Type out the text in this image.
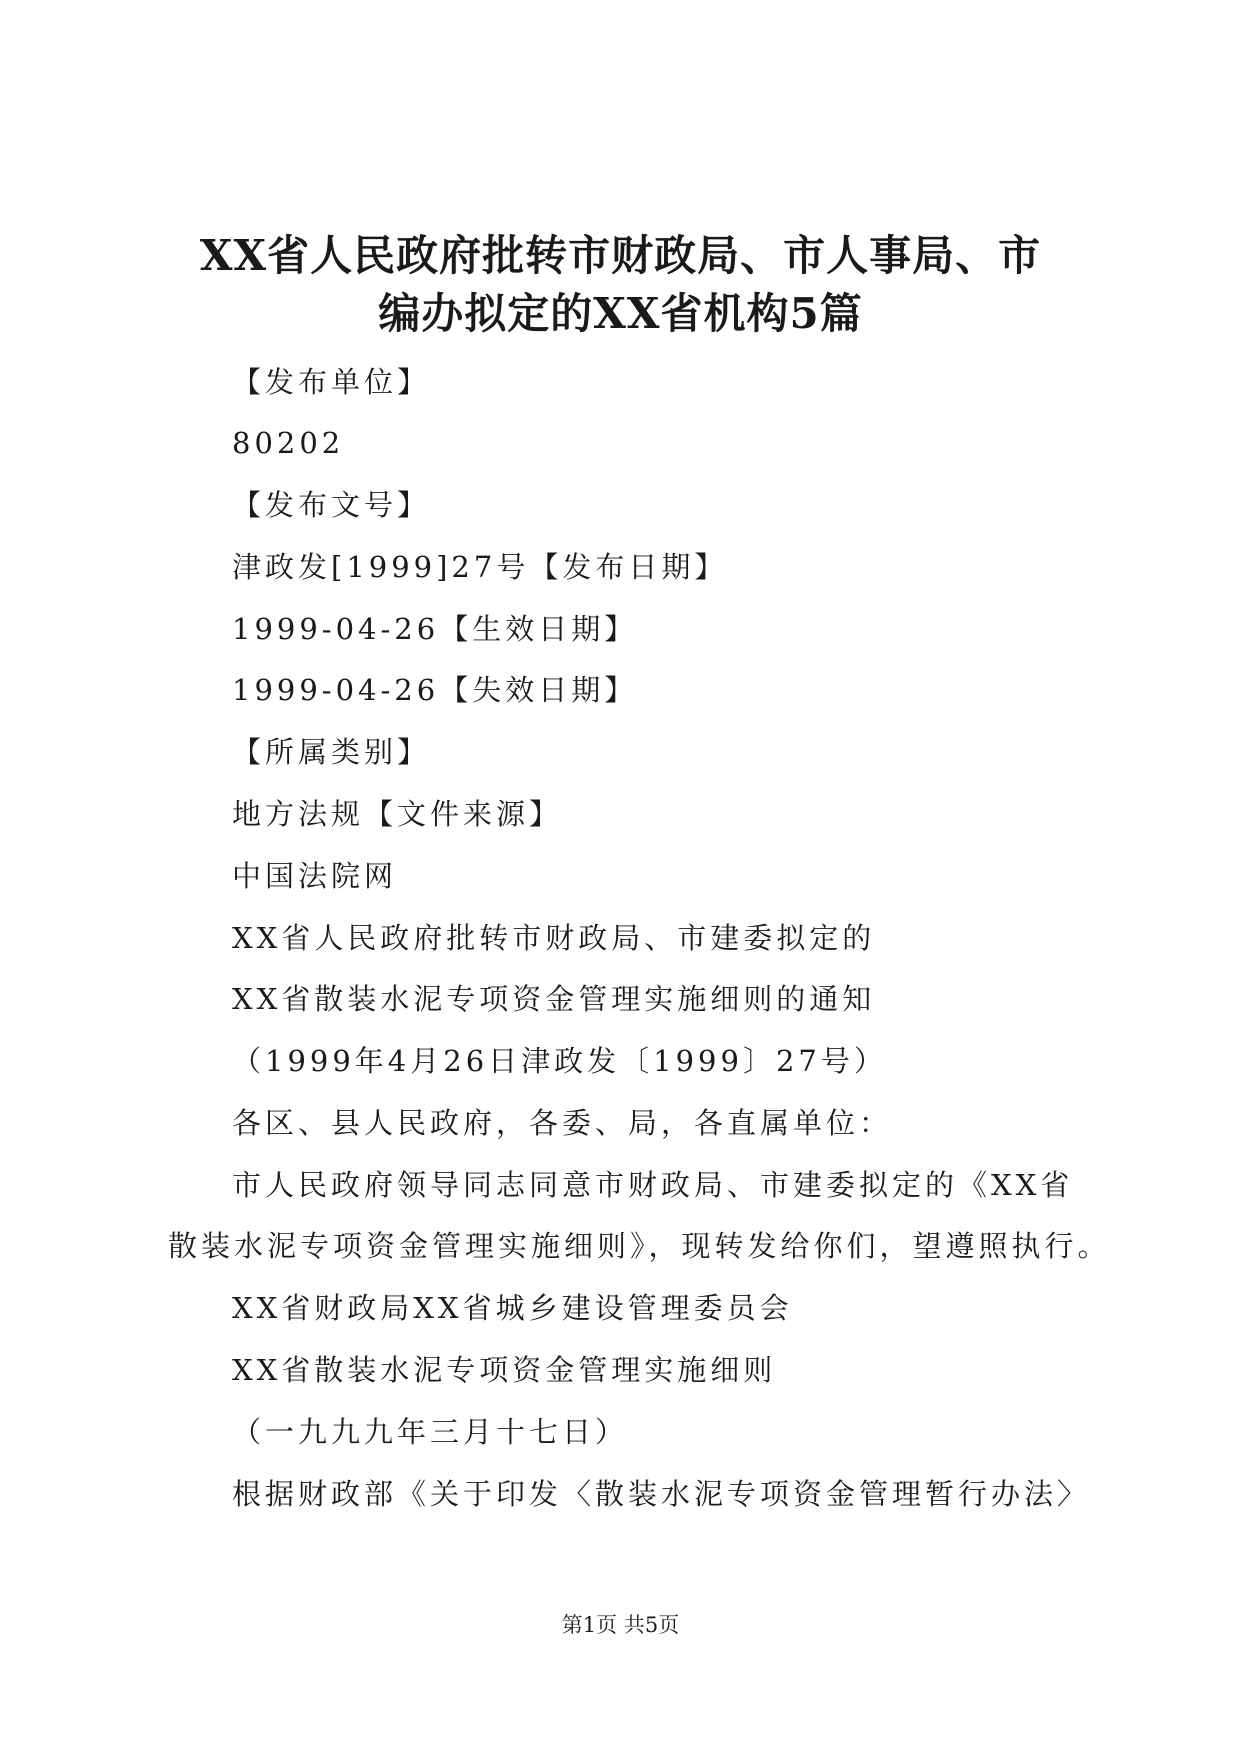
XX省人民政府批转市财政局、市人事局、市
编办拟定的XX省机构5篇
【发布单位】
80202
【发布文号】
津政发[1999]27号【发布日期】
1999-04-26【生效日期】
1999-04-26【失效日期】
【所属类别】
地方法规【文件来源】
中国法院网
XX省人民政府批转市财政局、市建委拟定的
XX省散装水泥专项资金管理实施细则的通知
（1999年4月26日津政发〔1999〕27号）
各区、县人民政府，各委、局，各直属单位：
市人民政府领导同志同意市财政局、市建委拟定的《XX省
散装水泥专项资金管理实施细则》，现转发给你们，望遵照执行。
XX省财政局XX省城乡建设管理委员会
XX省散装水泥专项资金管理实施细则
（一九九九年三月十七日）
根据财政部《关于印发〈散装水泥专项资金管理暂行办法〉
第1页 共5页
